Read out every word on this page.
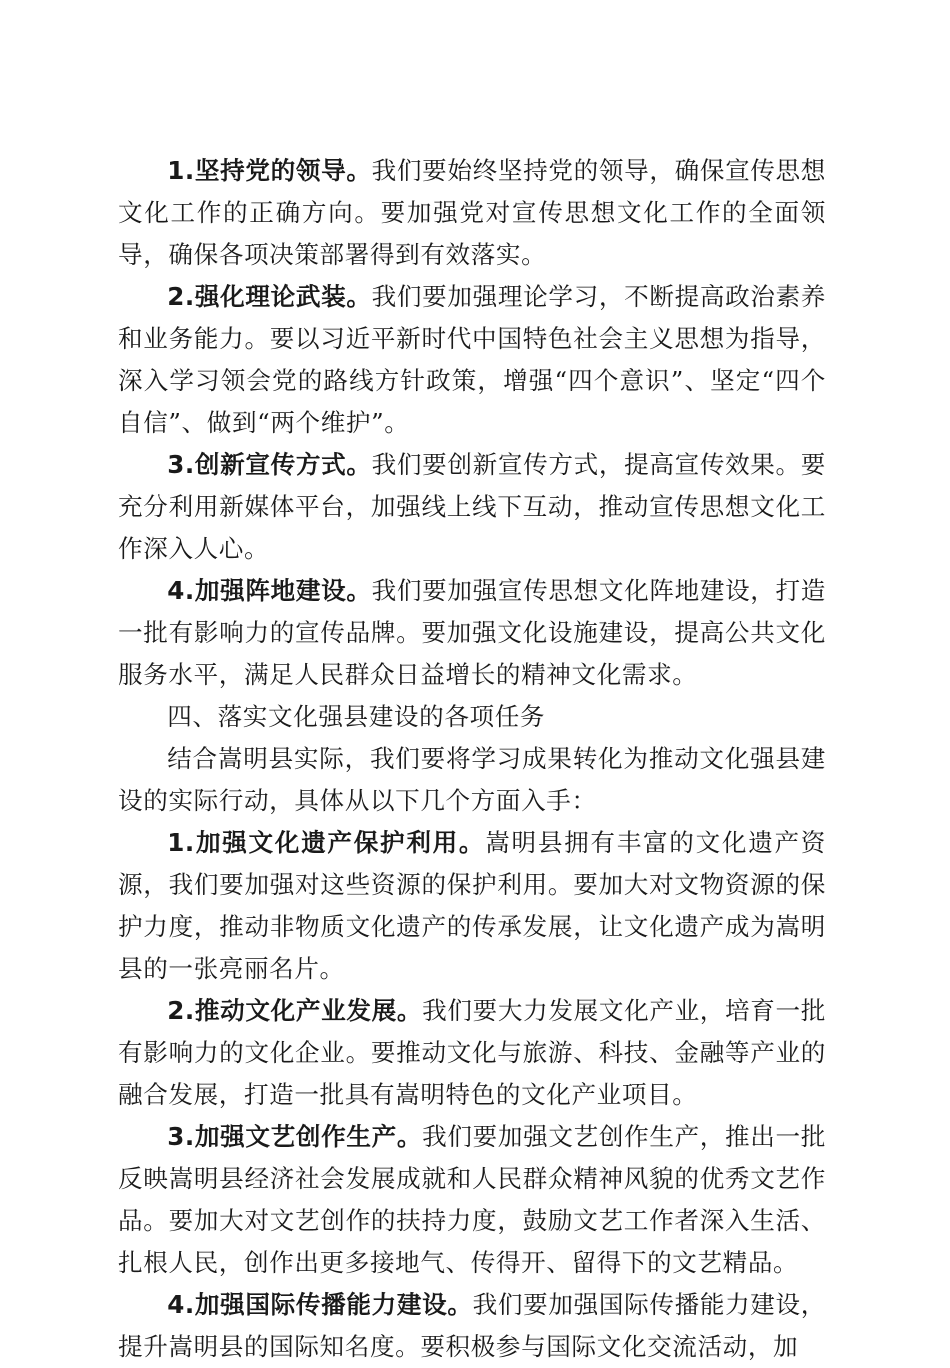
1.坚持党的领导。我们要始终坚持党的领导，确保宣传思想文化工作的正确方向。要加强党对宣传思想文化工作的全面领导，确保各项决策部署得到有效落实。

2.强化理论武装。我们要加强理论学习，不断提高政治素养和业务能力。要以习近平新时代中国特色社会主义思想为指导，深入学习领会党的路线方针政策，增强“四个意识”、坚定“四个自信”、做到“两个维护”。

3.创新宣传方式。我们要创新宣传方式，提高宣传效果。要充分利用新媒体平台，加强线上线下互动，推动宣传思想文化工作深入人心。

4.加强阵地建设。我们要加强宣传思想文化阵地建设，打造一批有影响力的宣传品牌。要加强文化设施建设，提高公共文化服务水平，满足人民群众日益增长的精神文化需求。

四、落实文化强县建设的各项任务

结合嵩明县实际，我们要将学习成果转化为推动文化强县建设的实际行动，具体从以下几个方面入手：

1.加强文化遗产保护利用。嵩明县拥有丰富的文化遗产资源，我们要加强对这些资源的保护利用。要加大对文物资源的保护力度，推动非物质文化遗产的传承发展，让文化遗产成为嵩明县的一张亮丽名片。

2.推动文化产业发展。我们要大力发展文化产业，培育一批有影响力的文化企业。要推动文化与旅游、科技、金融等产业的融合发展，打造一批具有嵩明特色的文化产业项目。

3.加强文艺创作生产。我们要加强文艺创作生产，推出一批反映嵩明县经济社会发展成就和人民群众精神风貌的优秀文艺作品。要加大对文艺创作的扶持力度，鼓励文艺工作者深入生活、扎根人民，创作出更多接地气、传得开、留得下的文艺精品。

4.加强国际传播能力建设。我们要加强国际传播能力建设，提升嵩明县的国际知名度。要积极参与国际文化交流活动，加
